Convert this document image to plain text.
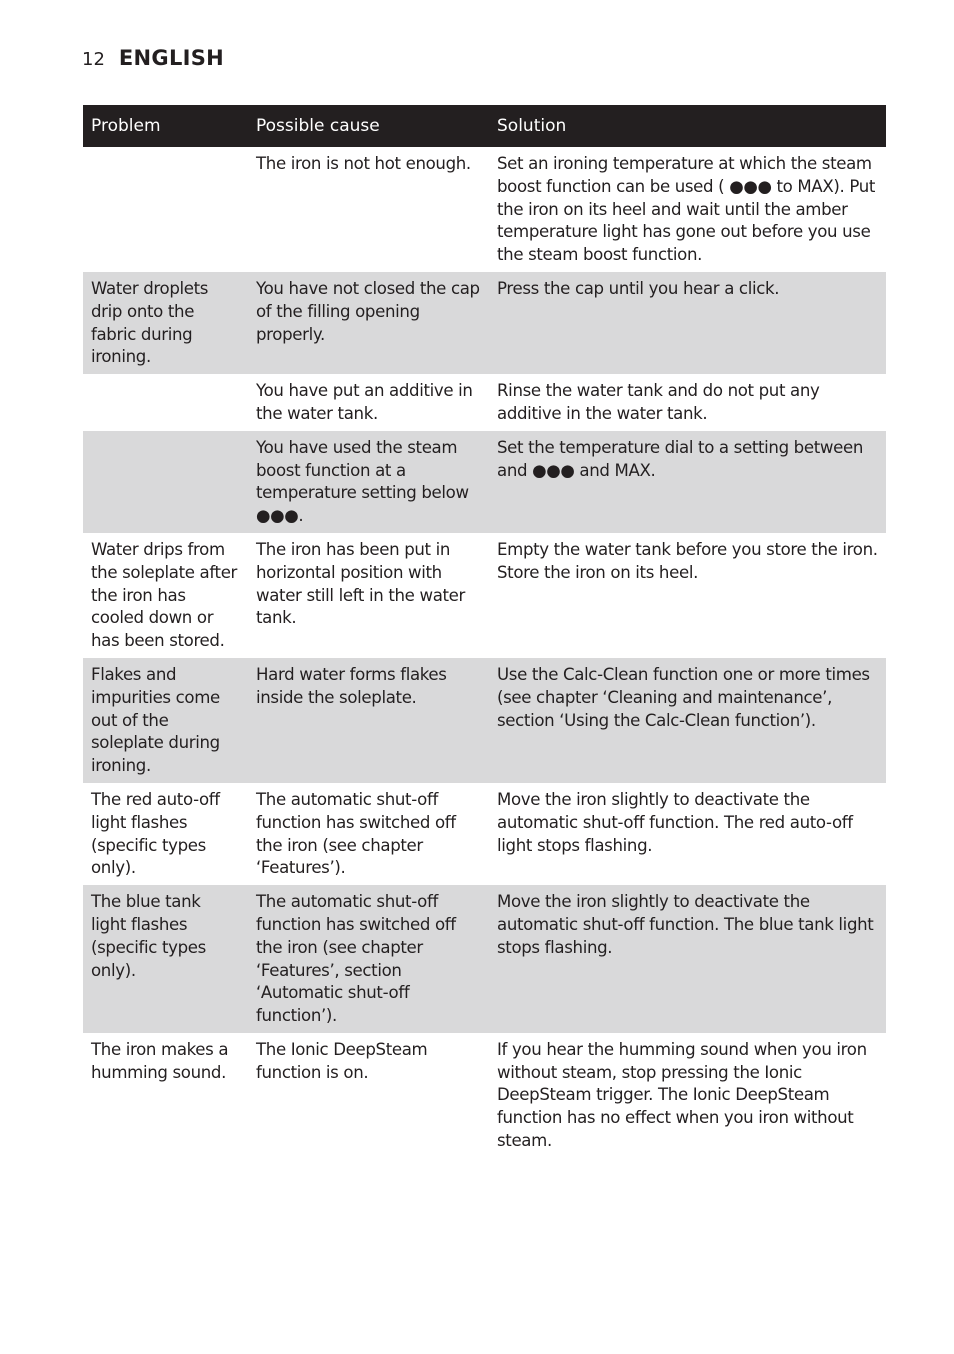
12 ENGLISH
Problem	Possible cause	Solution
	The iron is not hot enough.	Set an ironing temperature at which the steam boost function can be used ( ●●● to MAX). Put the iron on its heel and wait until the amber temperature light has gone out before you use the steam boost function.
Water droplets drip onto the fabric during ironing.	You have not closed the cap of the filling opening properly.	Press the cap until you hear a click.
	You have put an additive in the water tank.	Rinse the water tank and do not put any additive in the water tank.
	You have used the steam boost function at a temperature setting below ●●●.	Set the temperature dial to a setting between and ●●● and MAX.
Water drips from the soleplate after the iron has cooled down or has been stored.	The iron has been put in horizontal position with water still left in the water tank.	Empty the water tank before you store the iron. Store the iron on its heel.
Flakes and impurities come out of the soleplate during ironing.	Hard water forms flakes inside the soleplate.	Use the Calc-Clean function one or more times (see chapter ‘Cleaning and maintenance’, section ‘Using the Calc-Clean function’).
The red auto-off light flashes (specific types only).	The automatic shut-off function has switched off the iron (see chapter ‘Features’).	Move the iron slightly to deactivate the automatic shut-off function. The red auto-off light stops flashing.
The blue tank light flashes (specific types only).	The automatic shut-off function has switched off the iron (see chapter ‘Features’, section ‘Automatic shut-off function’).	Move the iron slightly to deactivate the automatic shut-off function. The blue tank light stops flashing.
The iron makes a humming sound.	The Ionic DeepSteam function is on.	If you hear the humming sound when you iron without steam, stop pressing the Ionic DeepSteam trigger. The Ionic DeepSteam function has no effect when you iron without steam.
